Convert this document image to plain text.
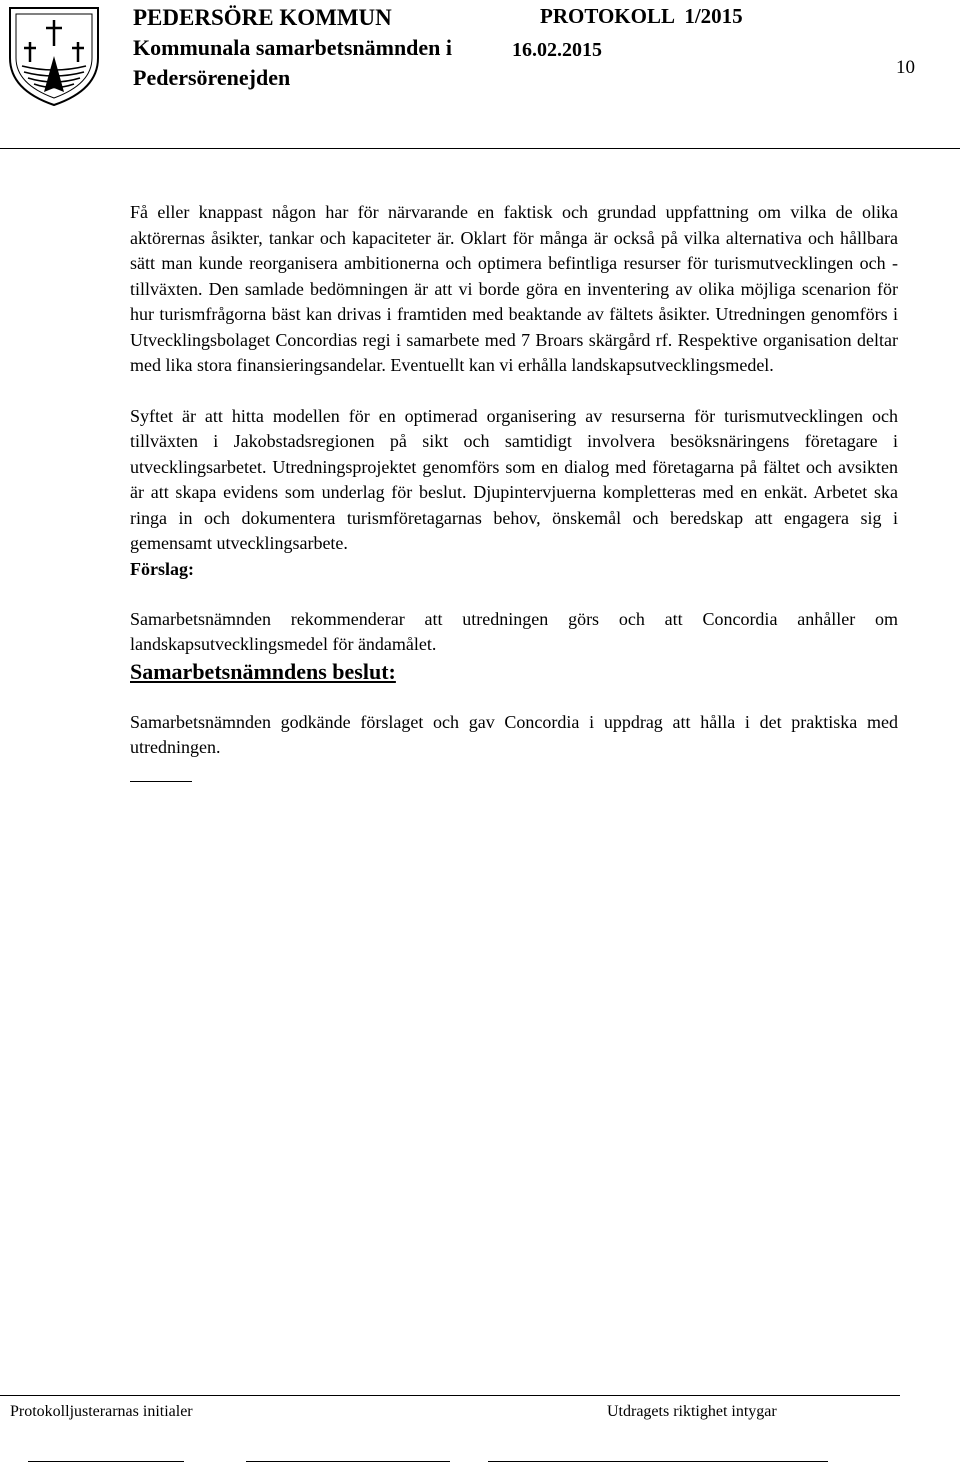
PEDERSÖRE KOMMUN	PROTOKOLL  1/2015
Kommunala samarbetsnämnden i	16.02.2015
Pedersörenejden	10

Få eller knappast någon har för närvarande en faktisk och grundad uppfattning om vilka de olika aktörernas åsikter, tankar och kapaciteter är. Oklart för många är också på vilka alternativa och hållbara sätt man kunde reorganisera ambitionerna och optimera befintliga resurser för turismutvecklingen och -tillväxten. Den samlade bedömningen är att vi borde göra en inventering av olika möjliga scenarion för hur turismfrågorna bäst kan drivas i framtiden med beaktande av fältets åsikter. Utredningen genomförs i Utvecklingsbolaget Concordias regi i samarbete med 7 Broars skärgård rf. Respektive organisation deltar med lika stora finansieringsandelar. Eventuellt kan vi erhålla landskapsutvecklingsmedel.

Syftet är att hitta modellen för en optimerad organisering av resurserna för turismutvecklingen och tillväxten i Jakobstadsregionen på sikt och samtidigt involvera besöksnäringens företagare i utvecklingsarbetet. Utredningsprojektet genomförs som en dialog med företagarna på fältet och avsikten är att skapa evidens som underlag för beslut. Djupintervjuerna kompletteras med en enkät. Arbetet ska ringa in och dokumentera turismföretagarnas behov, önskemål och beredskap att engagera sig i gemensamt utvecklingsarbete.

Förslag:

Samarbetsnämnden rekommenderar att utredningen görs och att Concordia anhåller om landskapsutvecklingsmedel för ändamålet.

Samarbetsnämndens beslut:

Samarbetsnämnden godkände förslaget och gav Concordia i uppdrag att hålla i det praktiska med utredningen.

Protokolljusterarnas initialer	Utdragets riktighet intygar
